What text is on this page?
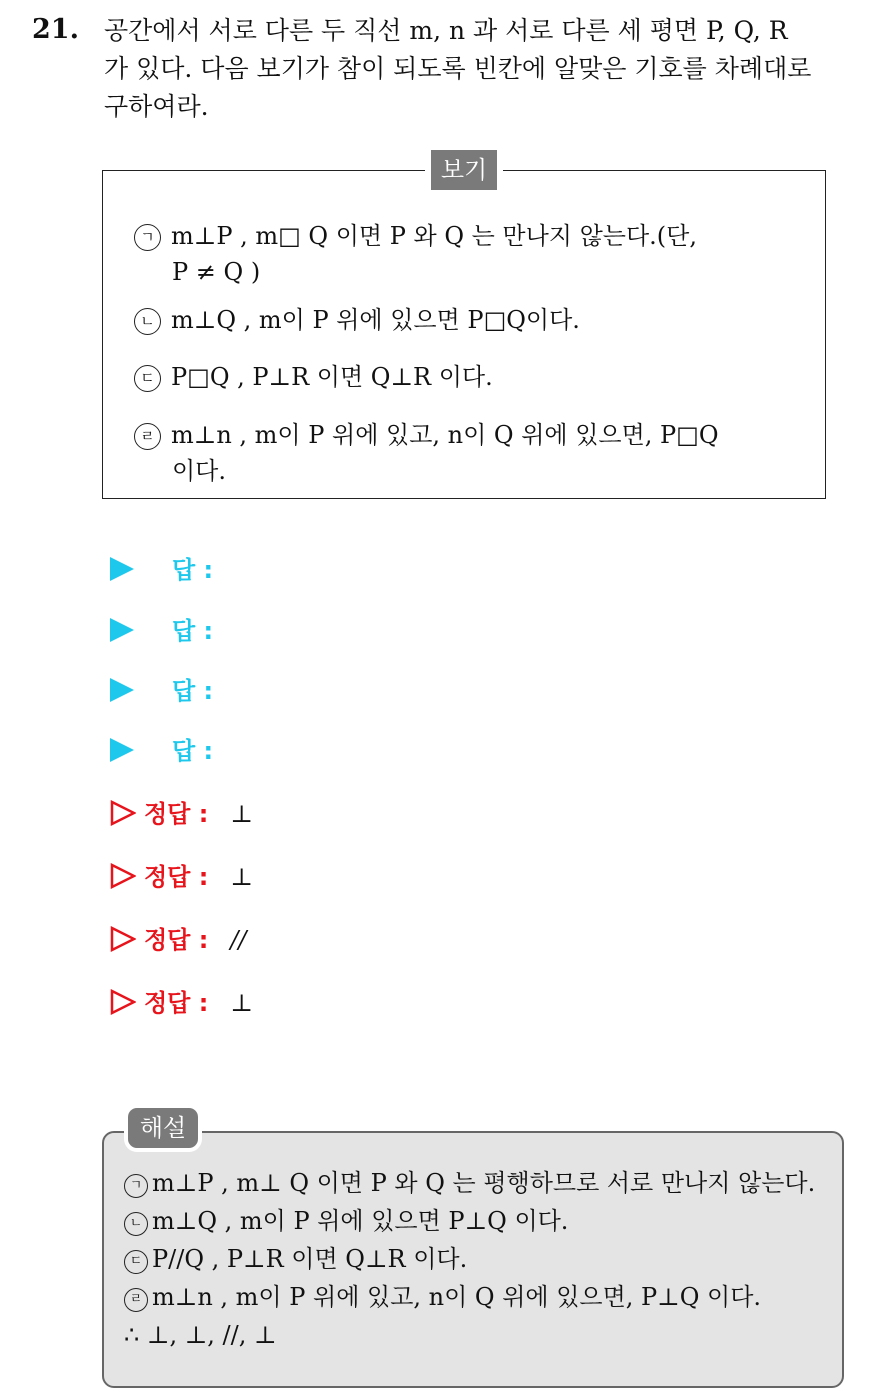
21. 공간에서 서로 다른 두 직선 m, n 과 서로 다른 세 평면 P, Q, R
가 있다. 다음 보기가 참이 되도록 빈칸에 알맞은 기호를 차례대로
구하여라.
보기
ㄱ m⊥P , m□ Q 이면 P 와 Q 는 만나지 않는다.(단,
P ≠ Q )
ㄴ m⊥Q , m이 P 위에 있으면 P□Q이다.
ㄷ P□Q , P⊥R 이면 Q⊥R 이다.
ㄹ m⊥n , m이 P 위에 있고, n이 Q 위에 있으면, P□Q
이다.
답 :
답 :
답 :
답 :
정답 : ⊥
정답 : ⊥
정답 : //
정답 : ⊥
해설
ㄱ m⊥P , m⊥ Q 이면 P 와 Q 는 평행하므로 서로 만나지 않는다.
ㄴ m⊥Q , m이 P 위에 있으면 P⊥Q 이다.
ㄷ P//Q , P⊥R 이면 Q⊥R 이다.
ㄹ m⊥n , m이 P 위에 있고, n이 Q 위에 있으면, P⊥Q 이다.
∴ ⊥, ⊥, //, ⊥
